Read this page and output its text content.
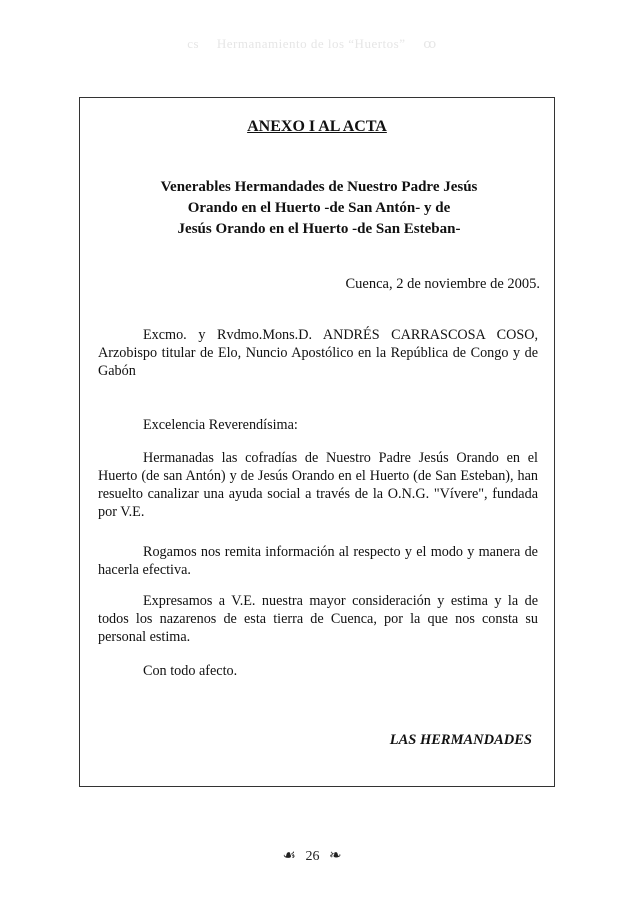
cs Hermanamiento de los “Huertos” ꝏ
ANEXO I AL ACTA
Venerables Hermandades de Nuestro Padre Jesús
Orando en el Huerto -de San Antón- y de
Jesús Orando en el Huerto -de San Esteban-
Cuenca, 2 de noviembre de 2005.
Excmo. y Rvdmo.Mons.D. ANDRÉS CARRASCOSA COSO, Arzobispo titular de Elo, Nuncio Apostólico en la República de Congo y de Gabón
Excelencia Reverendísima:
Hermanadas las cofradías de Nuestro Padre Jesús Orando en el Huerto (de san Antón) y de Jesús Orando en el Huerto (de San Esteban), han resuelto canalizar una ayuda social a través de la O.N.G. "Vívere", fundada por V.E.
Rogamos nos remita información al respecto y el modo y manera de hacerla efectiva.
Expresamos a V.E. nuestra mayor consideración y estima y la de todos los nazarenos de esta tierra de Cuenca, por la que nos consta su personal estima.
Con todo afecto.
LAS HERMANDADES
☙ 26 ❧
